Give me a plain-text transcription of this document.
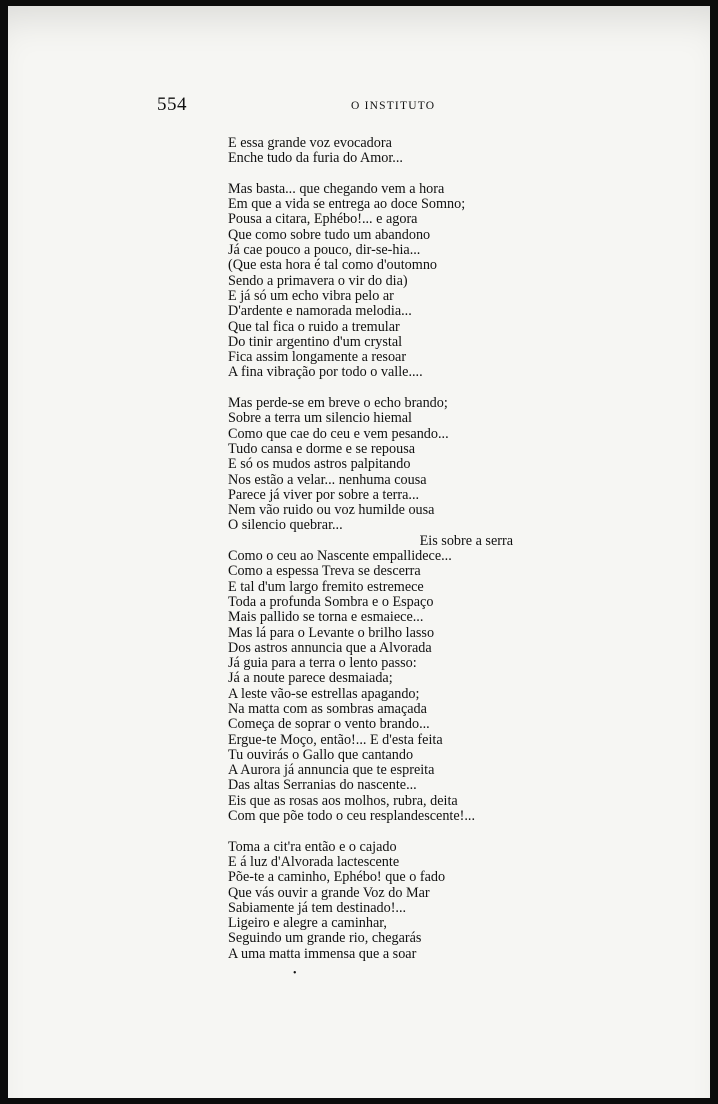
554	O INSTITUTO
E essa grande voz evocadora
Enche tudo da furia do Amor...
Mas basta... que chegando vem a hora
Em que a vida se entrega ao doce Somno;
Pousa a citara, Ephébo!... e agora
Que como sobre tudo um abandono
Já cae pouco a pouco, dir-se-hia...
(Que esta hora é tal como d'outomno
Sendo a primavera o vir do dia)
E já só um echo vibra pelo ar
D'ardente e namorada melodia...
Que tal fica o ruido a tremular
Do tinir argentino d'um crystal
Fica assim longamente a resoar
A fina vibração por todo o valle....
Mas perde-se em breve o echo brando;
Sobre a terra um silencio hiemal
Como que cae do ceu e vem pesando...
Tudo cansa e dorme e se repousa
E só os mudos astros palpitando
Nos estão a velar... nenhuma cousa
Parece já viver por sobre a terra...
Nem vão ruido ou voz humilde ousa
O silencio quebrar...
Eis sobre a serra
Como o ceu ao Nascente empallidece...
Como a espessa Treva se descerra
E tal d'um largo fremito estremece
Toda a profunda Sombra e o Espaço
Mais pallido se torna e esmaiece...
Mas lá para o Levante o brilho lasso
Dos astros annuncia que a Alvorada
Já guia para a terra o lento passo:
Já a noute parece desmaiada;
A leste vão-se estrellas apagando;
Na matta com as sombras amaçada
Começa de soprar o vento brando...
Ergue-te Moço, então!... E d'esta feita
Tu ouvirás o Gallo que cantando
A Aurora já annuncia que te espreita
Das altas Serranias do nascente...
Eis que as rosas aos molhos, rubra, deita
Com que põe todo o ceu resplandescente!...
Toma a cit'ra então e o cajado
E á luz d'Alvorada lactescente
Põe-te a caminho, Ephébo! que o fado
Que vás ouvir a grande Voz do Mar
Sabiamente já tem destinado!...
Ligeiro e alegre a caminhar,
Seguindo um grande rio, chegarás
A uma matta immensa que a soar
•
